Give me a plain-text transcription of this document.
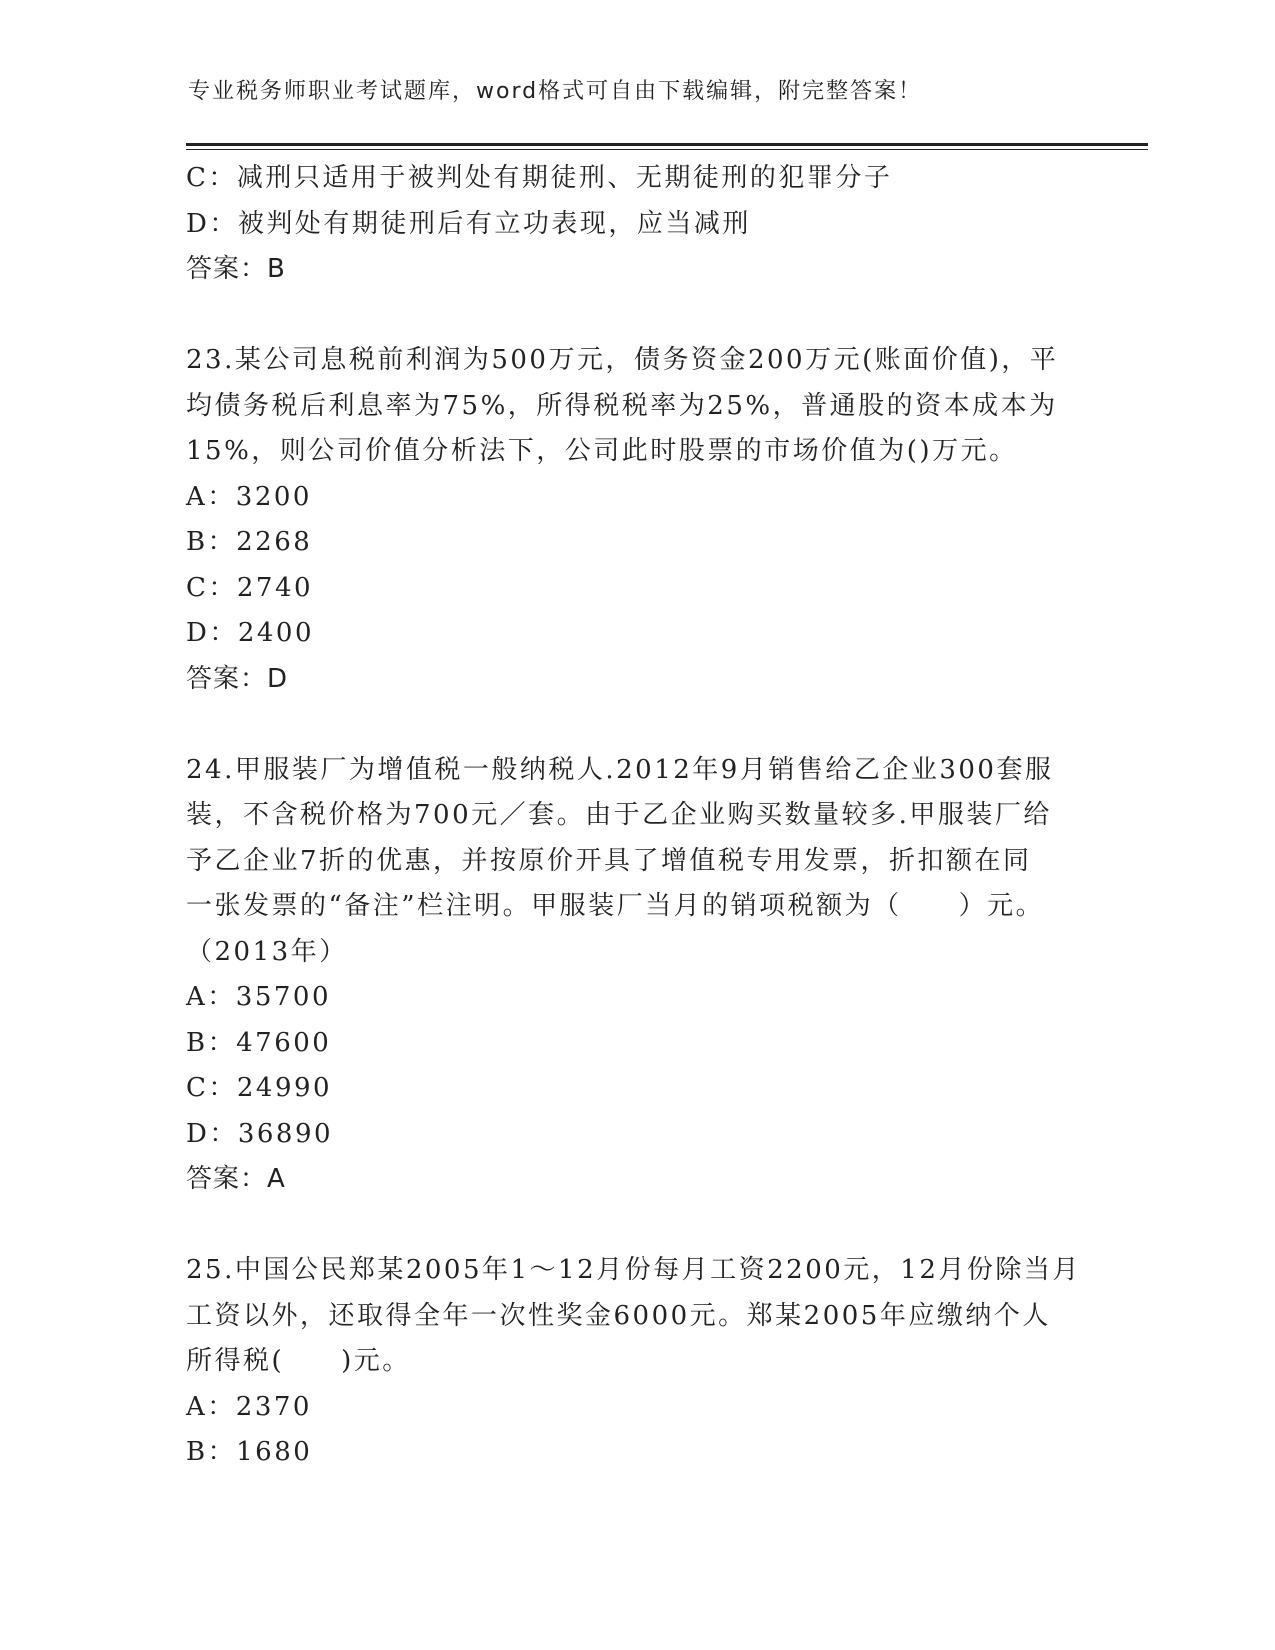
专业税务师职业考试题库，word格式可自由下载编辑，附完整答案！
C：减刑只适用于被判处有期徒刑、无期徒刑的犯罪分子
D：被判处有期徒刑后有立功表现，应当减刑
答案：B
23.某公司息税前利润为500万元，债务资金200万元(账面价值)，平
均债务税后利息率为75%，所得税税率为25%，普通股的资本成本为
15%，则公司价值分析法下，公司此时股票的市场价值为()万元。
A：3200
B：2268
C：2740
D：2400
答案：D
24.甲服装厂为增值税一般纳税人.2012年9月销售给乙企业300套服
装，不含税价格为700元／套。由于乙企业购买数量较多.甲服装厂给
予乙企业7折的优惠，并按原价开具了增值税专用发票，折扣额在同
一张发票的“备注”栏注明。甲服装厂当月的销项税额为（　　）元。
（2013年）
A：35700
B：47600
C：24990
D：36890
答案：A
25.中国公民郑某2005年1～12月份每月工资2200元，12月份除当月
工资以外，还取得全年一次性奖金6000元。郑某2005年应缴纳个人
所得税(　　)元。
A：2370
B：1680
